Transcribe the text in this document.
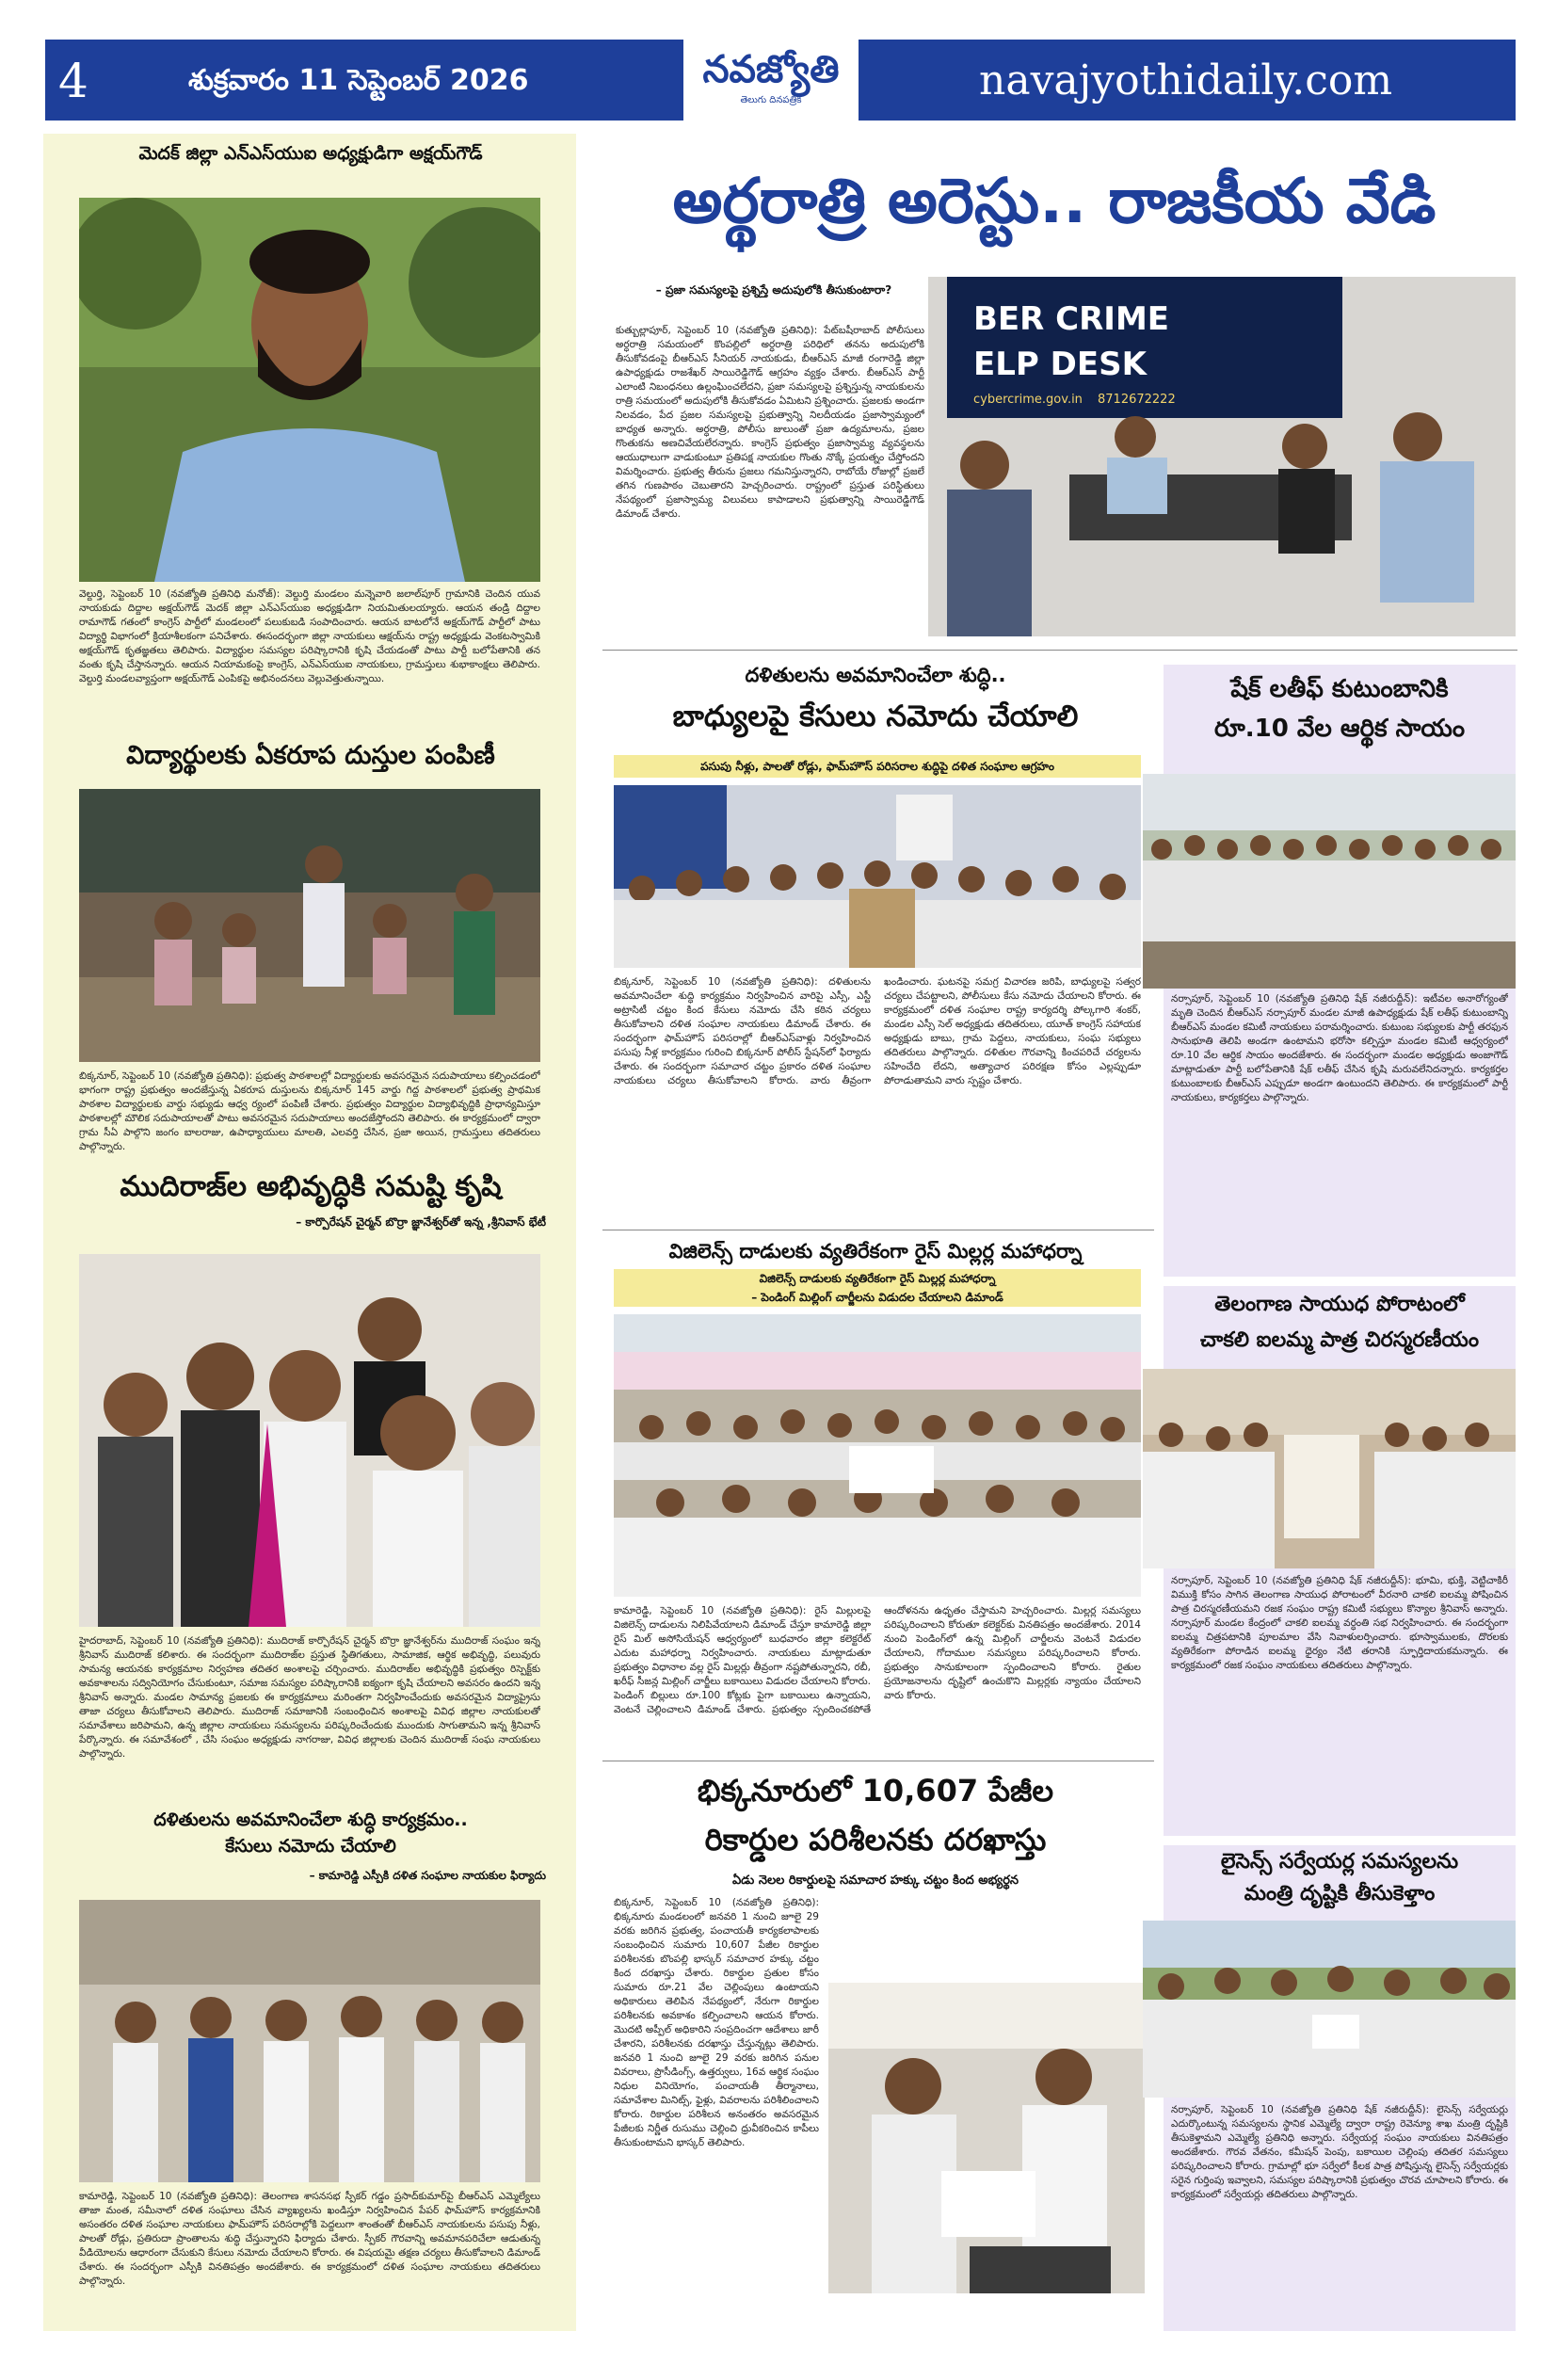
4	శుక్రవారం 11 సెప్టెంబర్ 2026	నవజ్యోతి
తెలుగు దినపత్రిక	navajyothidaily.com
మెదక్ జిల్లా ఎన్ఎస్‌యుఐ అధ్యక్షుడిగా అక్షయ్‌గౌడ్
వెల్దుర్తి, సెప్టెంబర్ 10 (నవజ్యోతి ప్రతినిధి మనోజ్): వెల్దుర్తి మండలం మన్నెవారి జలాల్‌పూర్ గ్రామానికి చెందిన యువ నాయకుడు దిద్దాల అక్షయ్‌గౌడ్ మెదక్ జిల్లా ఎన్ఎస్‌యుఐ అధ్యక్షుడిగా నియమితులయ్యారు. ఆయన తండ్రి దిద్దాల రామాగౌడ్ గతంలో కాంగ్రెస్ పార్టీలో మండలంలో పలుకుబడి సంపాదించారు. ఆయన బాటలోనే అక్షయ్‌గౌడ్ పార్టీలో పాటు విద్యార్థి విభాగంలో క్రియాశీలకంగా పనిచేశారు. ఈసందర్భంగా జిల్లా నాయకులు ఆక్షయ్‌ను రాష్ట్ర అధ్యక్షుడు వెంకటస్వామికి అక్షయ్‌గౌడ్ కృతజ్ఞతలు తెలిపారు. విద్యార్థుల సమస్యల పరిష్కారానికి కృషి చేయడంతో పాటు పార్టీ బలోపేతానికి తన వంతు కృషి చేస్తానన్నారు. ఆయన నియామకంపై కాంగ్రెస్, ఎన్ఎస్‌యుఐ నాయకులు, గ్రామస్తులు శుభాకాంక్షలు తెలిపారు. వెల్దుర్తి మండలవ్యాప్తంగా అక్షయ్‌గౌడ్‌ ఎంపికపై అభినందనలు వెల్లువెత్తుతున్నాయి.
విద్యార్థులకు ఏకరూప దుస్తుల పంపిణీ
బిక్కనూర్, సెప్టెంబర్ 10 (నవజ్యోతి ప్రతినిధి): ప్రభుత్వ పాఠశాలల్లో విద్యార్థులకు అవసరమైన సదుపాయాలు కల్పించడంలో భాగంగా రాష్ట్ర ప్రభుత్వం అందజేస్తున్న ఏకరూప దుస్తులను బిక్కనూర్ 145 వార్డు గిద్ద పాఠశాలలో ప్రభుత్వ ప్రాథమిక పాఠశాల విద్యార్థులకు వార్డు సభ్యుడు ఆధ్వ ర్యంలో పంపిణీ చేశారు. ప్రభుత్వం విద్యార్థుల విద్యాభివృద్ధికి ప్రాధాన్యమిస్తూ పాఠశాలల్లో మౌలిక సదుపాయాలతో పాటు అవసరమైన సదుపాయాలు అందజేస్తోందని తెలిపారు. ఈ కార్యక్రమంలో ద్వారా గ్రామ సీఏ పాల్గొని జంగం బాలరాజు, ఉపాధ్యాయులు మాలతి, ఎలవర్తి చేసిన, ప్రజా అయిన, గ్రామస్తులు తదితరులు పాల్గొన్నారు.
ముదిరాజ్‌ల అభివృద్ధికి సమష్టి కృషి
– కార్పొరేషన్ చైర్మన్ బొర్రా జ్ఞానేశ్వర్‌తో ఇన్న ,శ్రీనివాస్ భేటీ
హైదరాబాద్, సెప్టెంబర్ 10 (నవజ్యోతి ప్రతినిధి): ముదిరాజ్ కార్పొరేషన్ చైర్మన్ బొర్రా జ్ఞానేశ్వర్‌ను ముదిరాజ్ సంఘం ఇన్న శ్రీనివాస్ ముదిరాజ్ కలిశారు. ఈ సందర్భంగా ముదిరాజ్‌ల ప్రస్తుత స్థితిగతులు, సామాజిక, ఆర్థిక అభివృద్ధి, పలువురు సామన్య ఆయనకు కార్యక్రమాల నిర్వహణ తదితర అంశాలపై చర్చించారు. ముదిరాజ్‌ల అభివృద్ధికి ప్రభుత్వం రిస్పెక్ట్‌కు అవకాశాలను సద్వినియోగం చేసుకుంటూ, సమాజ సమస్యల పరిష్కారానికి ఐక్యంగా కృషి చేయాలని అవసరం ఉందని ఇన్న శ్రీనివాస్ అన్నారు. మండల సామాన్య ప్రజలకు ఈ కార్యక్రమాలు మరింతగా నిర్వహించేందుకు అవసరమైన విద్యాప్రైసు తాజా చర్యలు తీసుకోవాలని తెలిపారు. ముదిరాజ్ సమాజానికి సంబంధించిన అంశాలపై వివిధ జిల్లాల నాయకులతో సమావేశాలు జరిపామని, ఉన్న జిల్లాల నాయకులు సమస్యలను పరిష్కరించేందుకు ముందుకు సాగుతామని ఇన్న శ్రీనివాస్ పేర్కొన్నారు. ఈ సమావేశంలో , చేసి సంఘం అధ్యక్షుడు నాగరాజు, వివిధ జిల్లాలకు చెందిన ముదిరాజ్ సంఘ నాయకులు పాల్గొన్నారు.
దళితులను అవమానించేలా శుద్ధి కార్యక్రమం..
కేసులు నమోదు చేయాలి
– కామారెడ్డి ఎస్పీకి దళిత సంఘాల నాయకుల ఫిర్యాదు
కామారెడ్డి, సెప్టెంబర్ 10 (నవజ్యోతి ప్రతినిధి): తెలంగాణ శాసనసభ స్పీకర్‌ గడ్డం ప్రసాద్‌కుమార్‌పై బీఆర్ఎస్ ఎమ్మెల్యేలు తాజా మంత, సమీనాలో దళిత సంఘాలు చేసిన వ్యాఖ్యలను ఖండిస్తూ నిర్వహించిన పేపర్ ఫామ్‌హౌస్ కార్యక్రమానికి అసంతరం దళిత సంఘాల నాయకులు ఫామ్‌హౌస్ పరిసరాల్లోకి పెద్దలుగా శాంతంతో బీఆర్ఎస్ నాయకులను పసుపు నీళ్లు, పాలతో రోడ్లు, ప్రతిరుదా ప్రాంతాలను శుద్ధి చేస్తున్నారని ఫిర్యాదు చేశారు. స్పీకర్ గౌరవాన్ని అవమానపరిచేలా ఆడుతున్న వీడియోలను ఆధారంగా చేసుకుని కేసులు నమోదు చేయాలని కోరారు. ఈ విషయమై తక్షణ చర్యలు తీసుకోవాలని డిమాండ్ చేశారు. ఈ సందర్భంగా ఎస్పీకి వినతిపత్రం అందజేశారు. ఈ కార్యక్రమంలో దళిత సంఘాల నాయకులు తదితరులు పాల్గొన్నారు.
అర్థరాత్రి అరెస్టు.. రాజకీయ వేడి
– ప్రజా సమస్యలపై ప్రశ్నిస్తే అదుపులోకి తీసుకుంటారా?
కుత్బుల్లాపూర్, సెప్టెంబర్ 10 (నవజ్యోతి ప్రతినిధి): పేట్‌బషీరాబాద్ పోలీసులు అర్ధరాత్రి సమయంలో కొంపల్లిలో అర్ధరాత్రి పరిధిలో తనను అదుపులోకి తీసుకోవడంపై బీఆర్ఎస్ సీనియర్ నాయకుడు, బీఆర్ఎస్ మాజీ రంగారెడ్డి జిల్లా ఉపాధ్యక్షుడు రాజశేఖర్ సాయిరెడ్డిగౌడ్ ఆగ్రహం వ్యక్తం చేశారు. బీఆర్ఎస్ పార్టీ ఎలాంటి నిబంధనలు ఉల్లంఘించలేదని, ప్రజా సమస్యలపై ప్రశ్నిస్తున్న నాయకులను రాత్రి సమయంలో అదుపులోకి తీసుకోవడం ఏమిటని ప్రశ్నించారు. ప్రజలకు అండగా నిలవడం, పేద ప్రజల సమస్యలపై ప్రభుత్వాన్ని నిలదీయడం ప్రజాస్వామ్యంలో బాధ్యత అన్నారు. అర్ధరాత్రి, పోలీసు జులుంతో ప్రజా ఉద్యమాలను, ప్రజల గొంతుకను అణచివేయలేరన్నారు. కాంగ్రెస్ ప్రభుత్వం ప్రజాస్వామ్య వ్యవస్థలను ఆయుధాలుగా వాడుకుంటూ ప్రతిపక్ష నాయకుల గొంతు నొక్కే ప్రయత్నం చేస్తోందని విమర్శించారు. ప్రభుత్వ తీరును ప్రజలు గమనిస్తున్నారని, రాబోయే రోజుల్లో ప్రజలే తగిన గుణపాఠం చెబుతారని హెచ్చరించారు. రాష్ట్రంలో ప్రస్తుత పరిస్థితులు నేపథ్యంలో ప్రజాస్వామ్య విలువలు కాపాడాలని ప్రభుత్వాన్ని సాయిరెడ్డిగౌడ్ డిమాండ్ చేశారు.
BER CRIME
ELP DESK
cybercrime.gov.in 8712672222
దళితులను అవమానించేలా శుద్ధి..
బాధ్యులపై కేసులు నమోదు చేయాలి
పసుపు నీళ్లు, పాలతో రోడ్లు, ఫామ్‌హౌస్ పరిసరాల శుద్ధిపై దళిత సంఘాల ఆగ్రహం
బిక్కనూర్, సెప్టెంబర్ 10 (నవజ్యోతి ప్రతినిధి): దళితులను అవమానించేలా శుద్ధి కార్యక్రమం నిర్వహించిన వారిపై ఎస్సీ, ఎస్టీ అట్రాసిటీ చట్టం కింద కేసులు నమోదు చేసి కఠిన చర్యలు తీసుకోవాలని దళిత సంఘాల నాయకులు డిమాండ్ చేశారు. ఈ సందర్భంగా ఫామ్‌హౌస్ పరిసరాల్లో బీఆర్ఎస్‌వాళ్లు నిర్వహించిన పసుపు నీళ్ల కార్యక్రమం గురించి బిక్కనూర్ పోలీస్ స్టేషన్‌లో ఫిర్యాదు చేశారు. ఈ సందర్భంగా సమాచార చట్టం ప్రకారం దళిత సంఘాల నాయకులు చర్యలు తీసుకోవాలని కోరారు. వారు తీవ్రంగా ఖండించారు. ఘటనపై సమగ్ర విచారణ జరిపి, బాధ్యులపై సత్వర చర్యలు చేపట్టాలని, పోలీసులు కేసు నమోదు చేయాలని కోరారు. ఈ కార్యక్రమంలో దళిత సంఘాల రాష్ట్ర కార్యదర్శి పోల్కగారి శంకర్, మండల ఎస్సీ సెల్ అధ్యక్షుడు తదితరులు, యూత్ కాంగ్రెస్ సహాయక అధ్యక్షుడు బాబు, గ్రామ పెద్దలు, నాయకులు, సంఘ సభ్యులు తదితరులు పాల్గొన్నారు. దళితుల గౌరవాన్ని కించపరిచే చర్యలను సహించేది లేదని, అత్యాచార పరిరక్షణ కోసం ఎల్లప్పుడూ పోరాడుతామని వారు స్పష్టం చేశారు.
విజిలెన్స్ దాడులకు వ్యతిరేకంగా రైస్ మిల్లర్ల మహాధర్నా
విజిలెన్స్ దాడులకు వ్యతిరేకంగా రైస్ మిల్లర్ల మహాధర్నా
– పెండింగ్ మిల్లింగ్ చార్జీలను విడుదల చేయాలని డిమాండ్
కామారెడ్డి, సెప్టెంబర్ 10 (నవజ్యోతి ప్రతినిధి): రైస్ మిల్లులపై విజిలెన్స్ దాడులను నిలిపివేయాలని డిమాండ్ చేస్తూ కామారెడ్డి జిల్లా రైస్ మిల్ అసోసియేషన్ ఆధ్వర్యంలో బుధవారం జిల్లా కలెక్టరేట్ ఎదుట మహాధర్నా నిర్వహించారు. నాయకులు మాట్లాడుతూ ప్రభుత్వం విధానాల వల్ల రైస్ మిల్లర్లు తీవ్రంగా నష్టపోతున్నారని, రబీ, ఖరీఫ్ సీజన్ల మిల్లింగ్ చార్జీలు బకాయిలు విడుదల చేయాలని కోరారు. పెండింగ్ బిల్లులు రూ.100 కోట్లకు పైగా బకాయిలు ఉన్నాయని, వెంటనే చెల్లించాలని డిమాండ్ చేశారు. ప్రభుత్వం స్పందించకపోతే ఆందోళనను ఉధృతం చేస్తామని హెచ్చరించారు. మిల్లర్ల సమస్యలు పరిష్కరించాలని కోరుతూ కలెక్టర్‌కు వినతిపత్రం అందజేశారు. 2014 నుంచి పెండింగ్‌లో ఉన్న మిల్లింగ్ చార్జీలను వెంటనే విడుదల చేయాలని, గోదాముల సమస్యలు పరిష్కరించాలని కోరారు. ప్రభుత్వం సానుకూలంగా స్పందించాలని కోరారు. రైతుల ప్రయోజనాలను దృష్టిలో ఉంచుకొని మిల్లర్లకు న్యాయం చేయాలని వారు కోరారు.
భిక్కనూరులో 10,607 పేజీల
రికార్డుల పరిశీలనకు దరఖాస్తు
ఏడు నెలల రికార్డులపై సమాచార హక్కు చట్టం కింద అభ్యర్థన
బిక్కనూర్, సెప్టెంబర్ 10 (నవజ్యోతి ప్రతినిధి): భిక్కనూరు మండలంలో జనవరి 1 నుంచి జూలై 29 వరకు జరిగిన ప్రభుత్వ, పంచాయతీ కార్యకలాపాలకు సంబంధించిన సుమారు 10,607 పేజీల రికార్డుల పరిశీలనకు బొంపల్లి భాస్కర్ సమాచార హక్కు చట్టం కింద దరఖాస్తు చేశారు. రికార్డుల ప్రతుల కోసం సుమారు రూ.21 వేల చెల్లింపులు ఉంటాయని అధికారులు తెలిపిన నేపథ్యంలో, నేరుగా రికార్డుల పరిశీలనకు అవకాశం కల్పించాలని ఆయన కోరారు. మొదటి అప్పీల్ అధికారిని సంప్రదించగా ఆదేశాలు జారీ చేశారని, పరిశీలనకు దరఖాస్తు చేస్తున్నట్లు తెలిపారు. జనవరి 1 నుంచి జూలై 29 వరకు జరిగిన పనుల వివరాలు, ప్రొసీడింగ్స్, ఉత్తర్వులు, 16వ ఆర్థిక సంఘం నిధుల వినియోగం, పంచాయతీ తీర్మానాలు, సమావేశాల మినిట్స్, ఫైళ్లు, వివరాలను పరిశీలించాలని కోరారు. రికార్డుల పరిశీలన అనంతరం అవసరమైన పేజీలకు నిర్ణీత రుసుము చెల్లించి ధ్రువీకరించిన కాపీలు తీసుకుంటామని భాస్కర్ తెలిపారు.
షేక్ లతీఫ్ కుటుంబానికి
రూ.10 వేల ఆర్థిక సాయం
నర్సాపూర్, సెప్టెంబర్ 10 (నవజ్యోతి ప్రతినిధి షేక్ నజీరుద్దీన్): ఇటీవల అనారోగ్యంతో మృతి చెందిన బీఆర్ఎస్ నర్సాపూర్ మండల మాజీ ఉపాధ్యక్షుడు షేక్ లతీఫ్ కుటుంబాన్ని బీఆర్ఎస్ మండల కమిటీ నాయకులు పరామర్శించారు. కుటుంబ సభ్యులకు పార్టీ తరఫున సానుభూతి తెలిపి అండగా ఉంటామని భరోసా కల్పిస్తూ మండల కమిటీ ఆధ్వర్యంలో రూ.10 వేల ఆర్థిక సాయం అందజేశారు. ఈ సందర్భంగా మండల అధ్యక్షుడు అంజాగౌడ్ మాట్లాడుతూ పార్టీ బలోపేతానికి షేక్ లతీఫ్ చేసిన కృషి మరువలేనిదన్నారు. కార్యకర్తల కుటుంబాలకు బీఆర్ఎస్ ఎప్పుడూ అండగా ఉంటుందని తెలిపారు. ఈ కార్యక్రమంలో పార్టీ నాయకులు, కార్యకర్తలు పాల్గొన్నారు.
తెలంగాణ సాయుధ పోరాటంలో
చాకలి ఐలమ్మ పాత్ర చిరస్మరణీయం
నర్సాపూర్, సెప్టెంబర్ 10 (నవజ్యోతి ప్రతినిధి షేక్ నజీరుద్దీన్): భూమి, భుక్తి, వెట్టిచాకిరీ విముక్తి కోసం సాగిన తెలంగాణ సాయుధ పోరాటంలో వీరనారి చాకలి ఐలమ్మ పోషించిన పాత్ర చిరస్మరణీయమని రజక సంఘం రాష్ట్ర కమిటీ సభ్యులు కొన్యాల శ్రీనివాస్ అన్నారు. నర్సాపూర్ మండల కేంద్రంలో చాకలి ఐలమ్మ వర్ధంతి సభ నిర్వహించారు. ఈ సందర్భంగా ఐలమ్మ చిత్రపటానికి పూలమాల వేసి నివాళులర్పించారు. భూస్వాములకు, దొరలకు వ్యతిరేకంగా పోరాడిన ఐలమ్మ ధైర్యం నేటి తరానికి స్ఫూర్తిదాయకమన్నారు. ఈ కార్యక్రమంలో రజక సంఘం నాయకులు తదితరులు పాల్గొన్నారు.
లైసెన్స్ సర్వేయర్ల సమస్యలను
మంత్రి దృష్టికి తీసుకెళ్తాం
నర్సాపూర్, సెప్టెంబర్ 10 (నవజ్యోతి ప్రతినిధి షేక్ నజీరుద్దీన్): లైసెన్స్ సర్వేయర్లు ఎదుర్కొంటున్న సమస్యలను స్థానిక ఎమ్మెల్యే ద్వారా రాష్ట్ర రెవెన్యూ శాఖ మంత్రి దృష్టికి తీసుకెళ్తామని ఎమ్మెల్యే ప్రతినిధి అన్నారు. సర్వేయర్ల సంఘం నాయకులు వినతిపత్రం అందజేశారు. గౌరవ వేతనం, కమీషన్ పెంపు, బకాయిల చెల్లింపు తదితర సమస్యలు పరిష్కరించాలని కోరారు. గ్రామాల్లో భూ సర్వేలో కీలక పాత్ర పోషిస్తున్న లైసెన్స్ సర్వేయర్లకు సరైన గుర్తింపు ఇవ్వాలని, సమస్యల పరిష్కారానికి ప్రభుత్వం చొరవ చూపాలని కోరారు. ఈ కార్యక్రమంలో సర్వేయర్లు తదితరులు పాల్గొన్నారు.
